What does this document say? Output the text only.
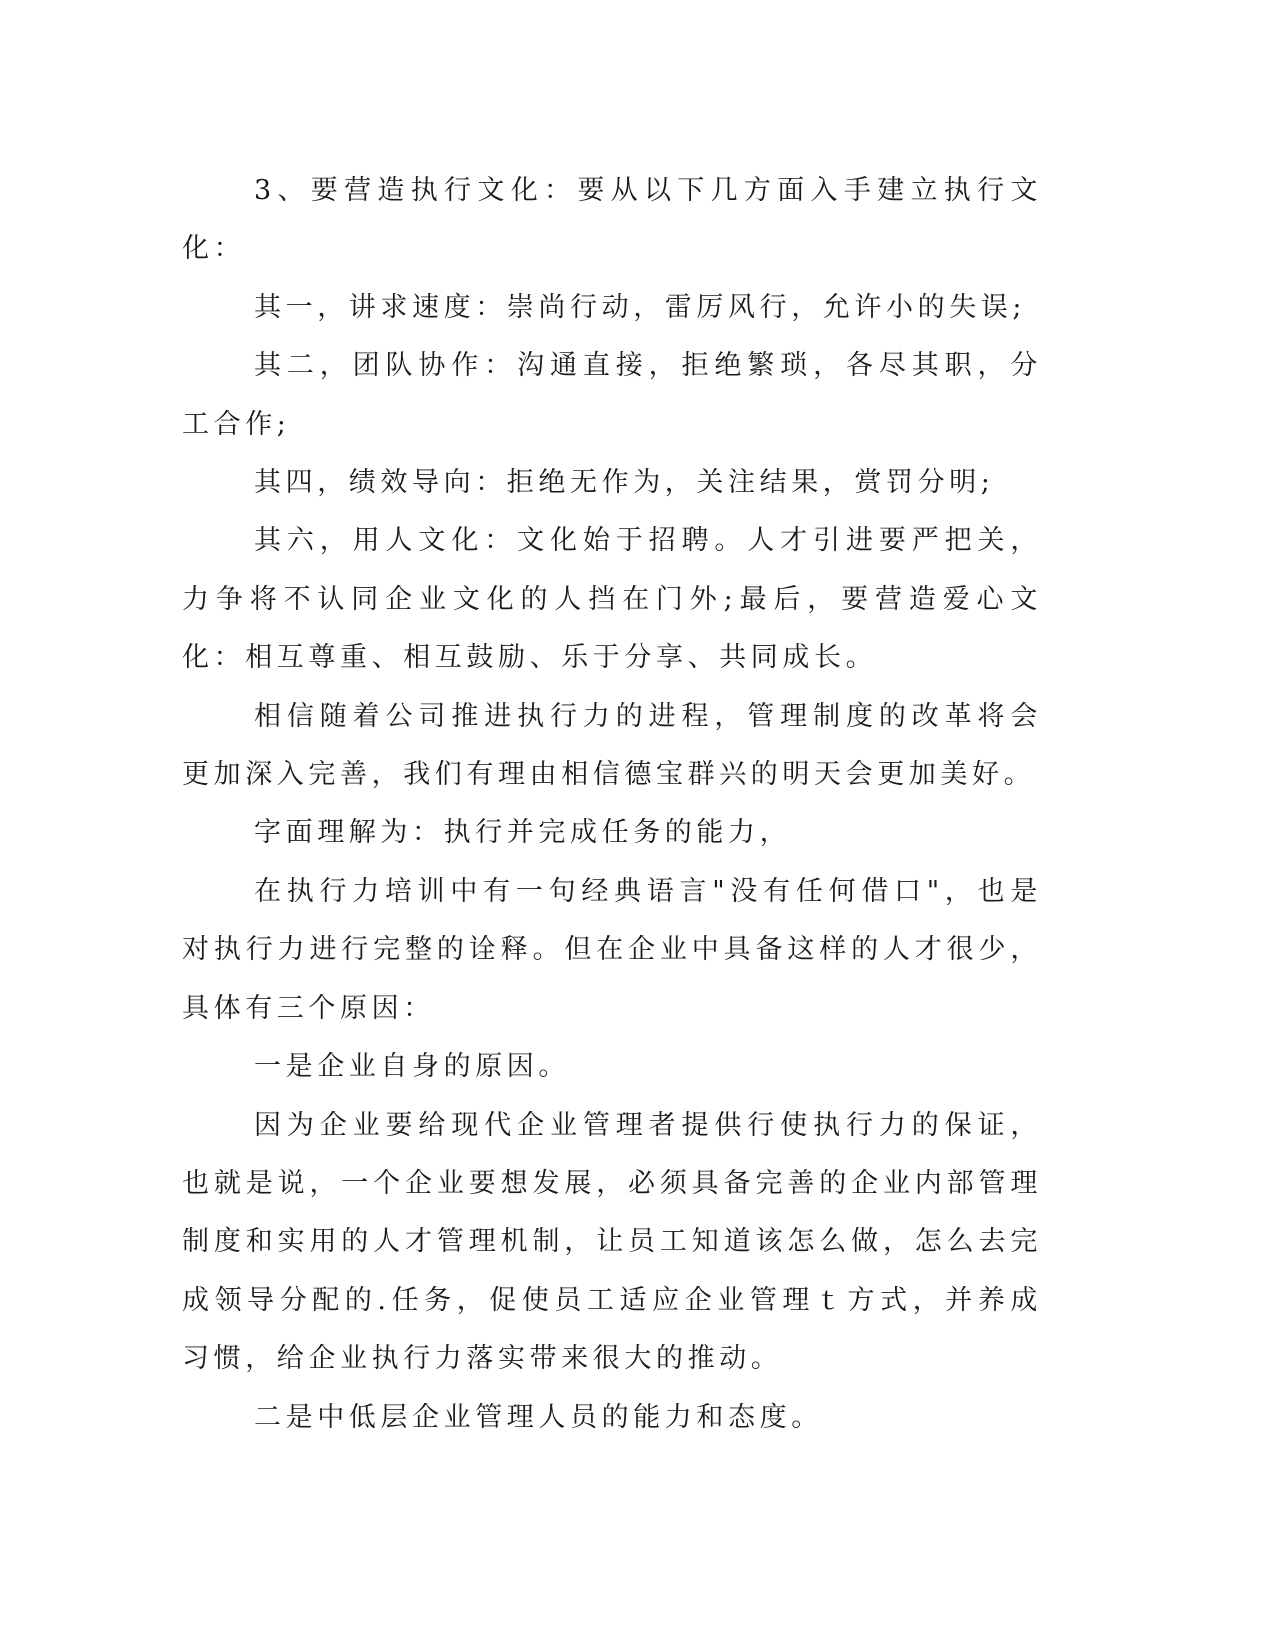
3、要营造执行文化：要从以下几方面入手建立执行文化：

其一，讲求速度：崇尚行动，雷厉风行，允许小的失误;

其二，团队协作：沟通直接，拒绝繁琐，各尽其职，分工合作;

其四，绩效导向：拒绝无作为，关注结果，赏罚分明;

其六，用人文化：文化始于招聘。人才引进要严把关，力争将不认同企业文化的人挡在门外;最后，要营造爱心文化：相互尊重、相互鼓励、乐于分享、共同成长。

相信随着公司推进执行力的进程，管理制度的改革将会更加深入完善，我们有理由相信德宝群兴的明天会更加美好。

字面理解为：执行并完成任务的能力，

在执行力培训中有一句经典语言"没有任何借口"，也是对执行力进行完整的诠释。但在企业中具备这样的人才很少，具体有三个原因：

一是企业自身的原因。

因为企业要给现代企业管理者提供行使执行力的保证，也就是说，一个企业要想发展，必须具备完善的企业内部管理制度和实用的人才管理机制，让员工知道该怎么做，怎么去完成领导分配的.任务，促使员工适应企业管理ｔ方式，并养成习惯，给企业执行力落实带来很大的推动。

二是中低层企业管理人员的能力和态度。
